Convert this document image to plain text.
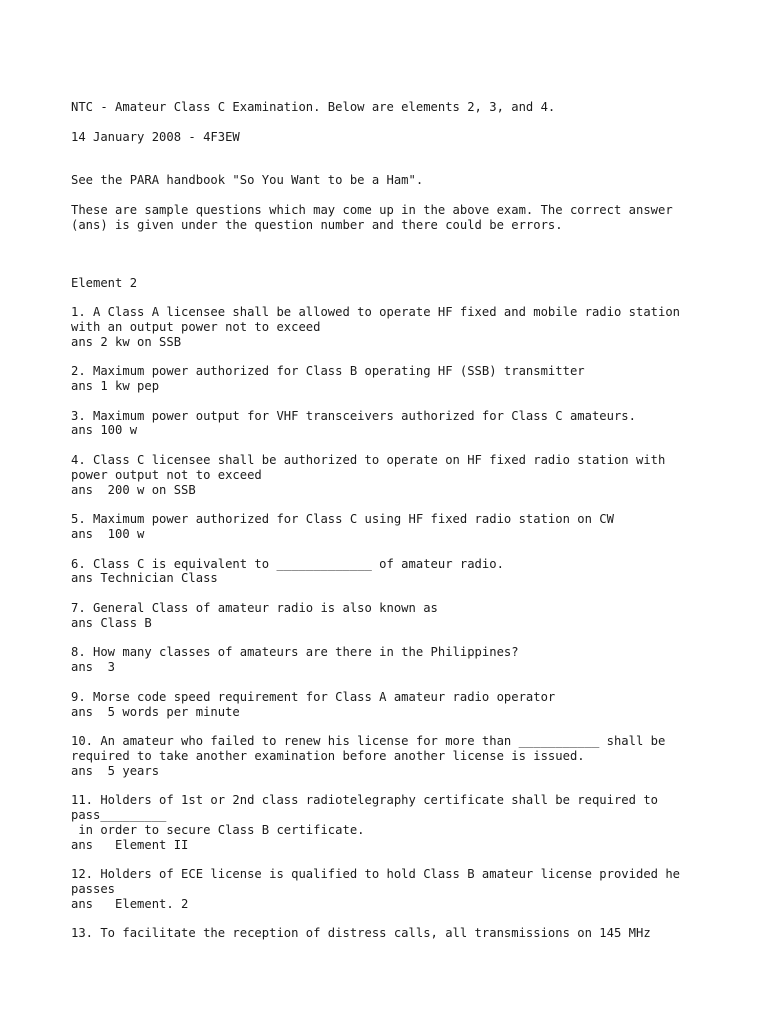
NTC - Amateur Class C Examination. Below are elements 2, 3, and 4.
14 January 2008 - 4F3EW
See the PARA handbook "So You Want to be a Ham".
These are sample questions which may come up in the above exam. The correct answer
(ans) is given under the question number and there could be errors.
Element 2
1. A Class A licensee shall be allowed to operate HF fixed and mobile radio station
with an output power not to exceed
ans 2 kw on SSB
2. Maximum power authorized for Class B operating HF (SSB) transmitter
ans 1 kw pep
3. Maximum power output for VHF transceivers authorized for Class C amateurs.
ans 100 w
4. Class C licensee shall be authorized to operate on HF fixed radio station with
power output not to exceed
ans  200 w on SSB
5. Maximum power authorized for Class C using HF fixed radio station on CW
ans  100 w
6. Class C is equivalent to _____________ of amateur radio.
ans Technician Class
7. General Class of amateur radio is also known as
ans Class B
8. How many classes of amateurs are there in the Philippines?
ans  3
9. Morse code speed requirement for Class A amateur radio operator
ans  5 words per minute
10. An amateur who failed to renew his license for more than ___________ shall be
required to take another examination before another license is issued.
ans  5 years
11. Holders of 1st or 2nd class radiotelegraphy certificate shall be required to
pass_________
in order to secure Class B certificate.
ans   Element II
12. Holders of ECE license is qualified to hold Class B amateur license provided he
passes
ans   Element. 2
13. To facilitate the reception of distress calls, all transmissions on 145 MHz
